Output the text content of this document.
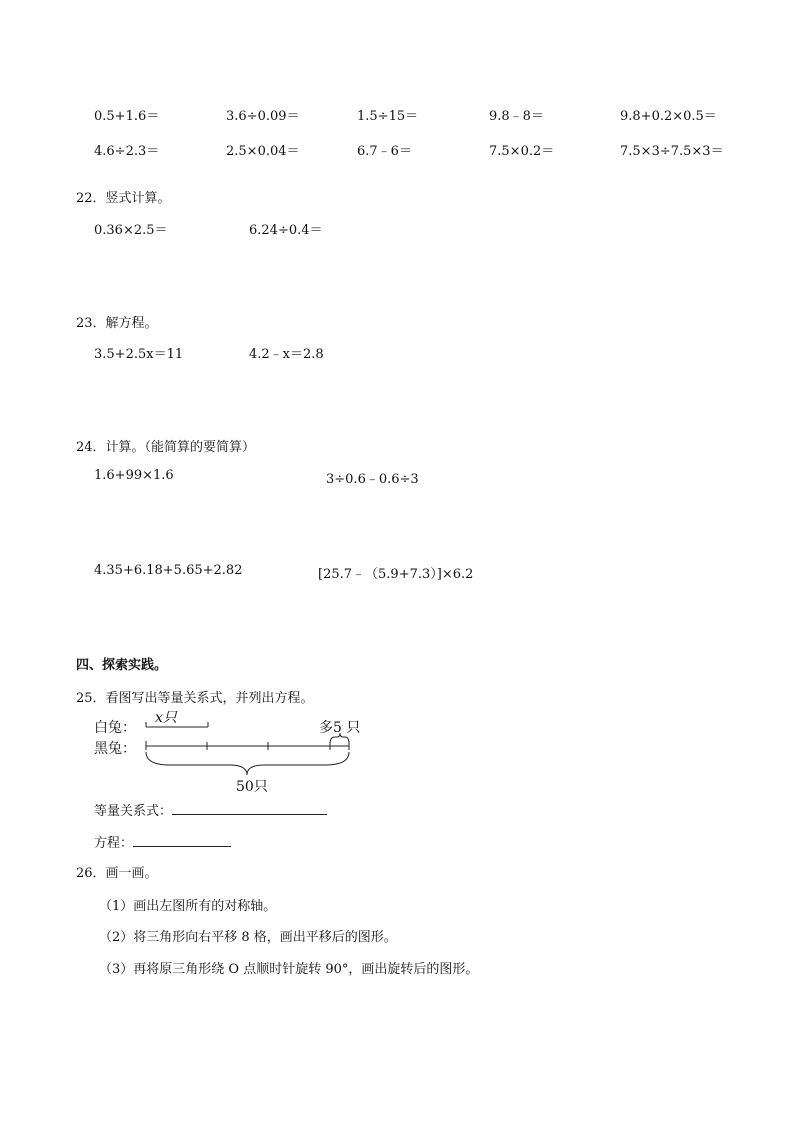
0.5+1.6＝	3.6÷0.09＝	1.5÷15＝	9.8﹣8＝	9.8+0.2×0.5＝
4.6÷2.3＝	2.5×0.04＝	6.7﹣6＝	7.5×0.2＝	7.5×3÷7.5×3＝
22．竖式计算。
0.36×2.5＝	6.24÷0.4＝
23．解方程。
3.5+2.5x＝11	4.2﹣x＝2.8
24．计算。（能简算的要简算）
1.6+99×1.6	3÷0.6﹣0.6÷3
4.35+6.18+5.65+2.82	[25.7﹣（5.9+7.3）]×6.2
四、探索实践。
25．看图写出等量关系式，并列出方程。
白兔：
x只
黑兔：
多5 只
50只
等量关系式：
方程：
26．画一画。
（1）画出左图所有的对称轴。
（2）将三角形向右平移 8 格，画出平移后的图形。
（3）再将原三角形绕 O 点顺时针旋转 90°，画出旋转后的图形。
